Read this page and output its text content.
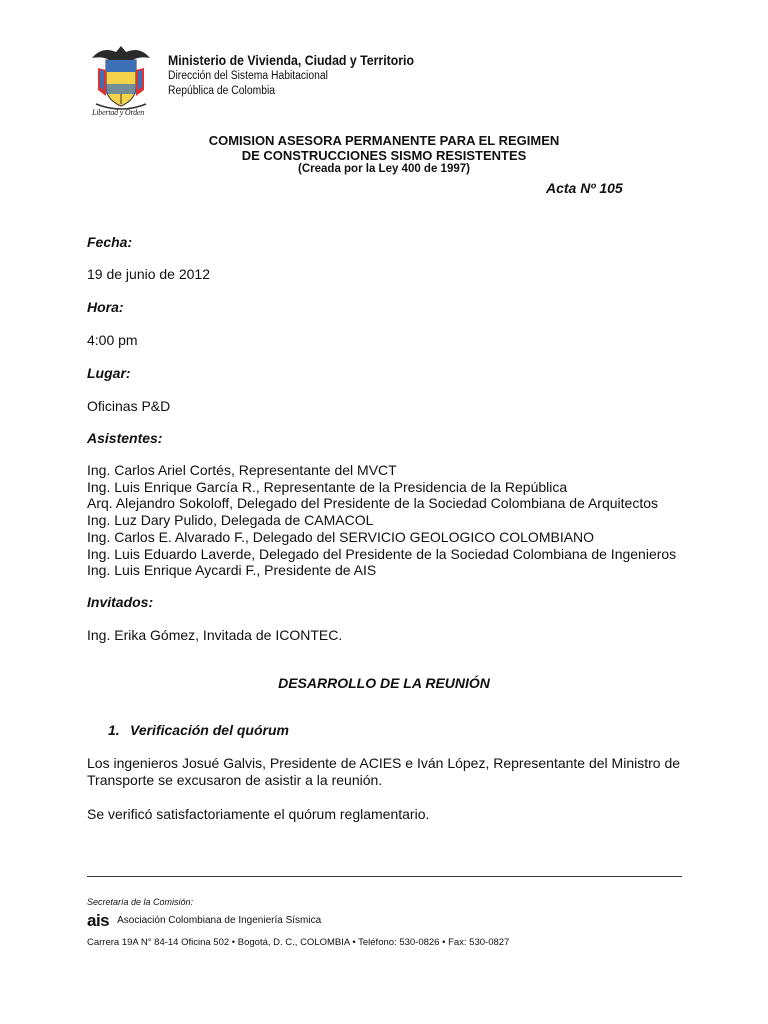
Libertad y Orden
Ministerio de Vivienda, Ciudad y Territorio
Dirección del Sistema Habitacional
República de Colombia
COMISION ASESORA PERMANENTE PARA EL REGIMEN
DE CONSTRUCCIONES SISMO RESISTENTES
(Creada por la Ley 400 de 1997)
Acta Nº 105
Fecha:
19 de junio de 2012
Hora:
4:00 pm
Lugar:
Oficinas P&D
Asistentes:
Ing. Carlos Ariel Cortés, Representante del MVCT
Ing. Luis Enrique García R., Representante de la Presidencia de la República
Arq. Alejandro Sokoloff, Delegado del Presidente de la Sociedad Colombiana de Arquitectos
Ing. Luz Dary Pulido, Delegada de CAMACOL
Ing. Carlos E. Alvarado F., Delegado del SERVICIO GEOLOGICO COLOMBIANO
Ing. Luis Eduardo Laverde, Delegado del Presidente de la Sociedad Colombiana de Ingenieros
Ing. Luis Enrique Aycardi F., Presidente de AIS
Invitados:
Ing. Erika Gómez, Invitada de ICONTEC.
DESARROLLO DE LA REUNIÓN
1. Verificación del quórum
Los ingenieros Josué Galvis, Presidente de ACIES e Iván López, Representante del Ministro de Transporte se excusaron de asistir a la reunión.
Se verificó satisfactoriamente el quórum reglamentario.
Secretaría de la Comisión:
ais Asociación Colombiana de Ingeniería Sísmica
Carrera 19A N° 84-14 Oficina 502 • Bogotá, D. C., COLOMBIA • Teléfono: 530-0826 • Fax: 530-0827
